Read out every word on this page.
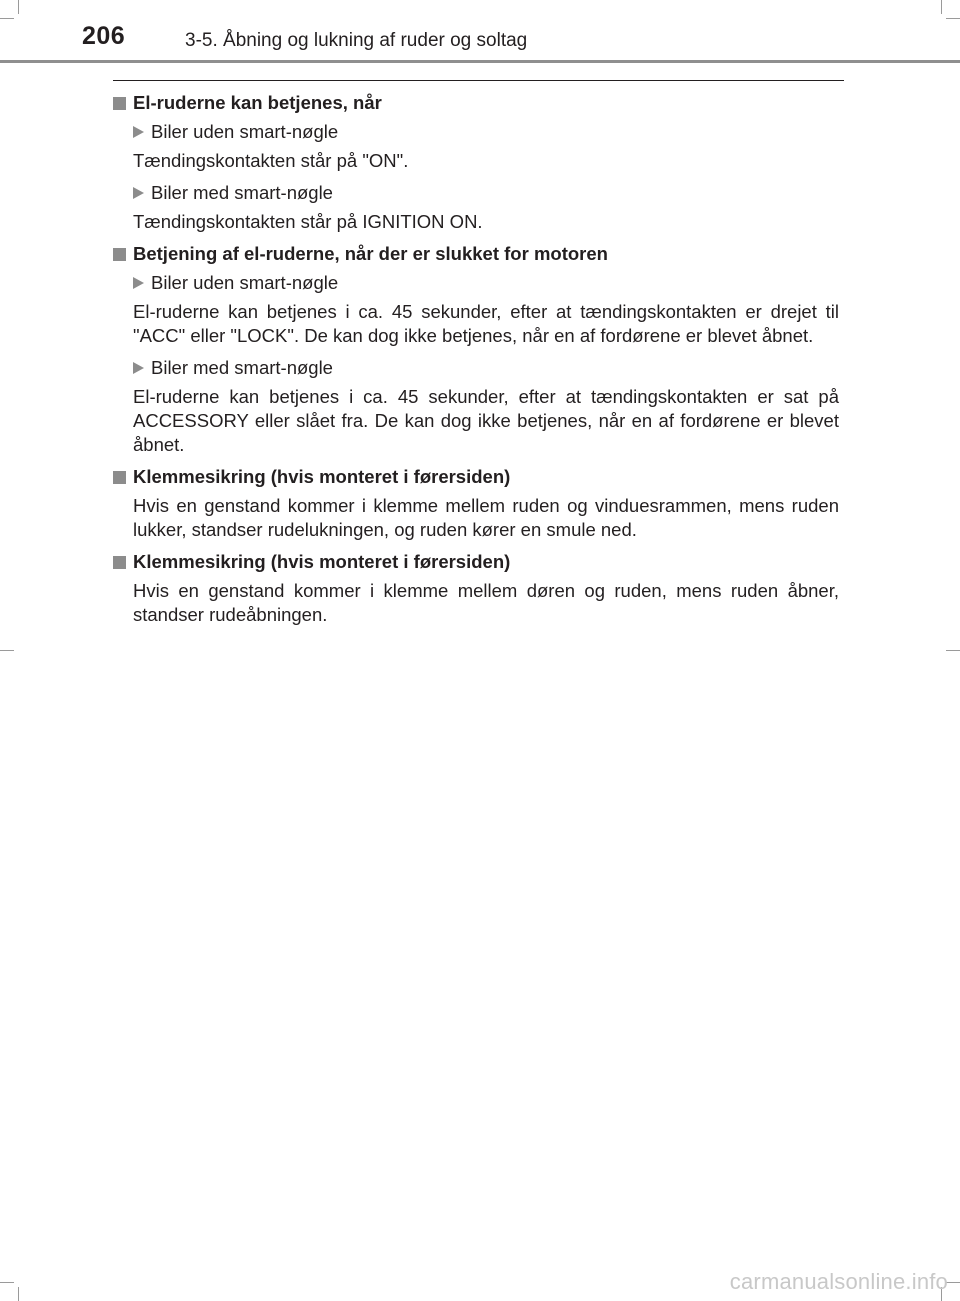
206	3-5. Åbning og lukning af ruder og soltag
El-ruderne kan betjenes, når
Biler uden smart-nøgle

Tændingskontakten står på "ON".

Biler med smart-nøgle

Tændingskontakten står på IGNITION ON.

Betjening af el-ruderne, når der er slukket for motoren
Biler uden smart-nøgle

El-ruderne kan betjenes i ca. 45 sekunder, efter at tændingskontakten er drejet til "ACC" eller "LOCK". De kan dog ikke betjenes, når en af fordørene er blevet åbnet.

Biler med smart-nøgle

El-ruderne kan betjenes i ca. 45 sekunder, efter at tændingskontakten er sat på ACCESSORY eller slået fra. De kan dog ikke betjenes, når en af fordørene er blevet åbnet.

Klemmesikring (hvis monteret i førersiden)

Hvis en genstand kommer i klemme mellem ruden og vinduesrammen, mens ruden lukker, standser rudelukningen, og ruden kører en smule ned.

Klemmesikring (hvis monteret i førersiden)

Hvis en genstand kommer i klemme mellem døren og ruden, mens ruden åbner, standser rudeåbningen.

carmanualsonline.info
